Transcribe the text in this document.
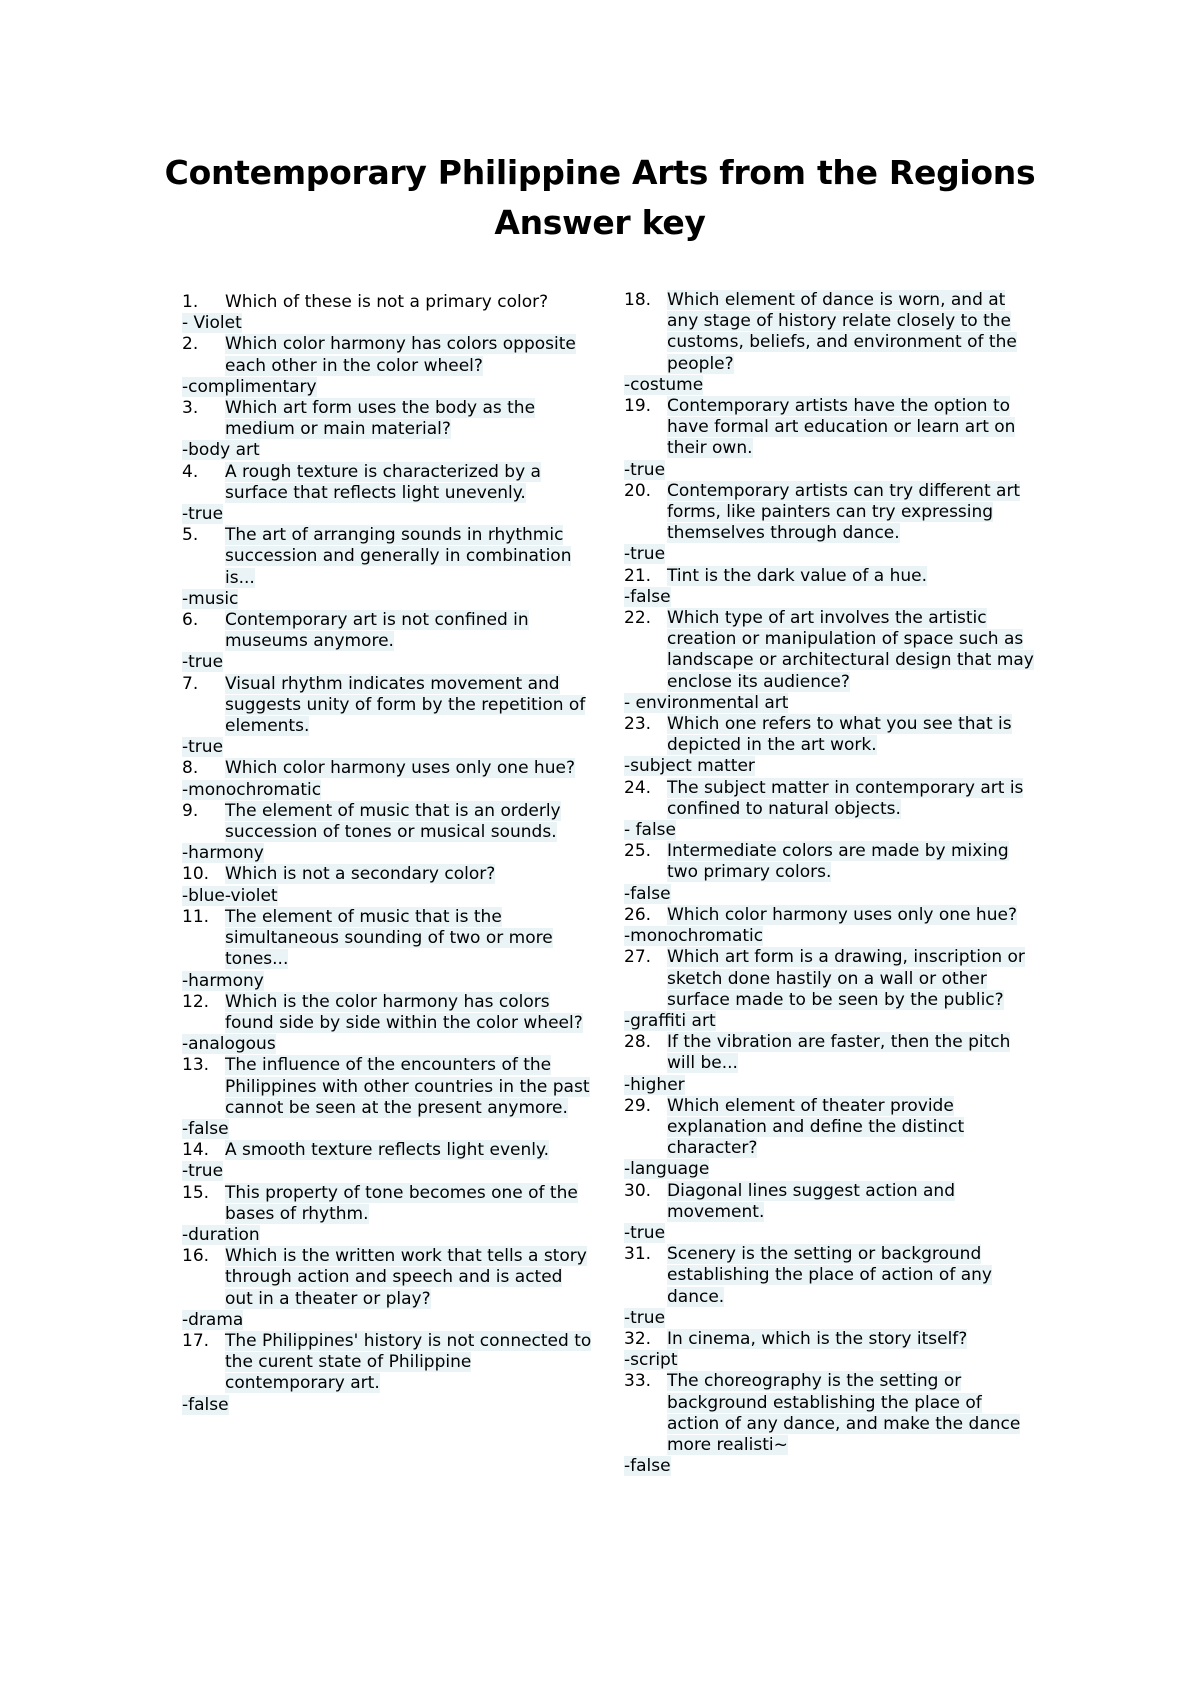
Contemporary Philippine Arts from the Regions
Answer key
1.	Which of these is not a primary color?
- Violet
2.	Which color harmony has colors opposite each other in the color wheel?
-complimentary
3.	Which art form uses the body as the medium or main material?
-body art
4.	A rough texture is characterized by a surface that reflects light unevenly.
-true
5.	The art of arranging sounds in rhythmic succession and generally in combination is...
-music
6.	Contemporary art is not confined in museums anymore.
-true
7.	Visual rhythm indicates movement and suggests unity of form by the repetition of elements.
-true
8.	Which color harmony uses only one hue?
-monochromatic
9.	The element of music that is an orderly succession of tones or musical sounds.
-harmony
10. Which is not a secondary color?
-blue-violet
11. The element of music that is the simultaneous sounding of two or more tones...
-harmony
12. Which is the color harmony has colors found side by side within the color wheel?
-analogous
13. The influence of the encounters of the Philippines with other countries in the past cannot be seen at the present anymore.
-false
14. A smooth texture reflects light evenly.
-true
15. This property of tone becomes one of the bases of rhythm.
-duration
16. Which is the written work that tells a story through action and speech and is acted out in a theater or play?
-drama
17. The Philippines' history is not connected to the curent state of Philippine contemporary art.
-false
18. Which element of dance is worn, and at any stage of history relate closely to the customs, beliefs, and environment of the people?
-costume
19. Contemporary artists have the option to have formal art education or learn art on their own.
-true
20. Contemporary artists can try different art forms, like painters can try expressing themselves through dance.
-true
21. Tint is the dark value of a hue.
-false
22. Which type of art involves the artistic creation or manipulation of space such as landscape or architectural design that may enclose its audience?
- environmental art
23. Which one refers to what you see that is depicted in the art work.
-subject matter
24. The subject matter in contemporary art is confined to natural objects.
- false
25. Intermediate colors are made by mixing two primary colors.
-false
26. Which color harmony uses only one hue?
-monochromatic
27. Which art form is a drawing, inscription or sketch done hastily on a wall or other surface made to be seen by the public?
-graffiti art
28. If the vibration are faster, then the pitch will be...
-higher
29. Which element of theater provide explanation and define the distinct character?
-language
30. Diagonal lines suggest action and movement.
-true
31. Scenery is the setting or background establishing the place of action of any dance.
-true
32. In cinema, which is the story itself?
-script
33. The choreography is the setting or background establishing the place of action of any dance, and make the dance more realisti~
-false
